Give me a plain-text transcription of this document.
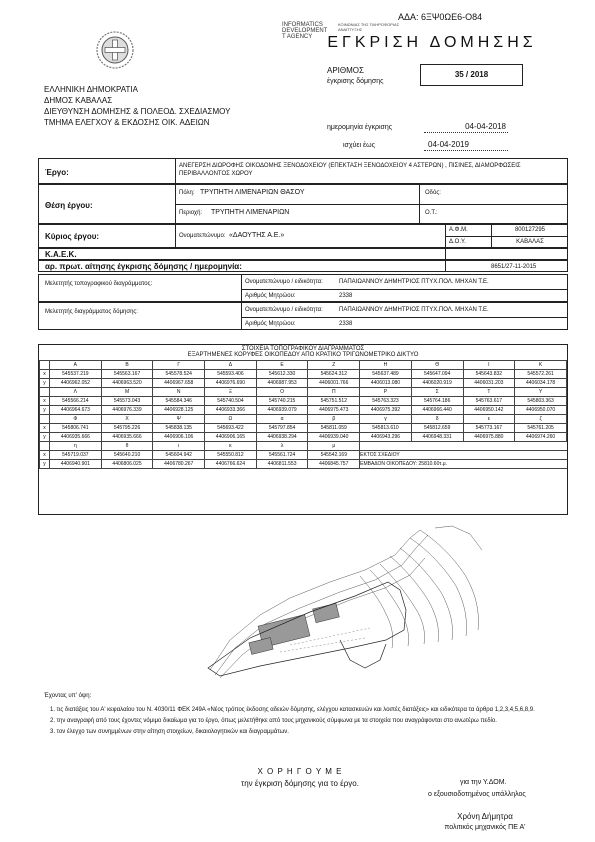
ΑΔΑ: 6ΞΨ0ΩΕ6-Ο84
INFORMATICS
DEVELOPMENT
T AGENCY
ΚΟΙΝΩΝΙΑΣ ΤΗΣ ΠΛΗΡΟΦΟΡΙΑΣ
ΑΝΑΠΤΥΞΗΣ
ΕΓΚΡΙΣΗ ΔΟΜΗΣΗΣ
ΕΛΛΗΝΙΚΗ ΔΗΜΟΚΡΑΤΙΑ
ΔΗΜΟΣ ΚΑΒΑΛΑΣ
ΔΙΕΥΘΥΝΣΗ ΔΟΜΗΣΗΣ & ΠΟΛΕΟΔ. ΣΧΕΔΙΑΣΜΟΥ
ΤΜΗΜΑ ΕΛΕΓΧΟΥ & ΕΚΔΟΣΗΣ ΟΙΚ. ΑΔΕΙΩΝ
ΑΡΙΘΜΟΣ
έγκρισης δόμησης
35 / 2018
ημερομηνία έγκρισης	04-04-2018
ισχύει έως	04-04-2019
Έργο:
ΑΝΕΓΕΡΣΗ ΔΙΩΡΟΦΗΣ ΟΙΚΟΔΟΜΗΣ ΞΕΝΟΔΟΧΕΙΟΥ (ΕΠΕΚΤΑΣΗ ΞΕΝΟΔΟΧΕΙΟΥ 4 ΑΣΤΕΡΩΝ) , ΠΙΣΙΝΕΣ, ΔΙΑΜΟΡΦΩΣΕΙΣ ΠΕΡΙΒΑΛΛΟΝΤΟΣ ΧΩΡΟΥ
Θέση έργου:
Πόλη: ΤΡΥΠΗΤΗ ΛΙΜΕΝΑΡΙΩΝ ΘΑΣΟΥ	Οδός:
Περιοχή: ΤΡΥΠΗΤΗ ΛΙΜΕΝΑΡΙΩΝ	Ο.Τ.:
Κύριος έργου:	Ονοματεπώνυμο: «ΔΑΟΥΤΗΣ Α.Ε.»
Α.Φ.Μ.	800127295
Δ.Ο.Υ.	ΚΑΒΑΛΑΣ
Κ.Α.Ε.Κ.
αρ. πρωτ. αίτησης έγκρισης δόμησης / ημερομηνία:	8651/27-11-2015
Μελετητής τοπογραφικού διαγράμματος:	Ονοματεπώνυμο / ειδικότητα:	ΠΑΠΑΙΩΑΝΝΟΥ ΔΗΜΗΤΡΙΟΣ ΠΤΥΧ.ΠΟΛ. ΜΗΧΑΝ Τ.Ε.
Αριθμός Μητρώου:	2338
Μελετητής διαγράμματος δόμησης:	Ονοματεπώνυμο / ειδικότητα:	ΠΑΠΑΙΩΑΝΝΟΥ ΔΗΜΗΤΡΙΟΣ ΠΤΥΧ.ΠΟΛ. ΜΗΧΑΝ Τ.Ε.
Αριθμός Μητρώου:	2338
ΣΤΟΙΧΕΙΑ ΤΟΠΟΓΡΑΦΙΚΟΥ ΔΙΑΓΡΑΜΜΑΤΟΣ
ΕΞΑΡΤΗΜΕΝΕΣ ΚΟΡΥΦΕΣ ΟΙΚΟΠΕΔΟΥ ΑΠΟ ΚΡΑΤΙΚΟ ΤΡΙΓΩΝΟΜΕΤΡΙΚΟ ΔΙΚΤΥΟ
	Α	Β	Γ	Δ	Ε	Ζ	Η	Θ	Ι	Κ
x	545537.219	545563.167	545578.524	545593.406	545612.330	545624.312	545637.489	545647.094	545643.832	545572.261
y	4406962.052	4406963.520	4406967.658	4406976.690	4406987.953	4406001.766	4406013.080	4406020.919	4406031.203	4406034.178
	Λ	Μ	Ν	Ξ	Ο	Π	Ρ	Σ	Τ	Υ
x	545566.214	545573.043	545584.346	545740.504	545740.215	545751.512	545763.323	545764.186	545763.617	545803.363
y	4406964.673	4406976.339	4406928.125	4406933.366	4406939.079	4406975.473	4406975.392	4406966.440	4406950.142	4406950.070
	Φ	Χ	Ψ	Ω	α	β	γ	δ	ε	ζ
x	545806.741	545795.226	545838.135	545693.422	545797.854	545811.059	545813.610	545812.659	545773.167	545761.205
y	4406935.666	4406935.666	4406906.106	4406906.165	4406938.294	4406939.040	4406943.296	4406948.331	4406975.880	4406974.260
	η	θ	ι	κ	λ	μ				
x	545719.037	545640.210	545604.942	545550.812	545561.724	545542.169	ΕΚΤΟΣ ΣΧΕΔΙΟΥ			
y	4406940.901	4406806.025	4406780.267	4406766.624	4406811.553	4406845.757	ΕΜΒΑΔΟΝ ΟΙΚΟΠΕΔΟΥ: 25810.60τ.μ.			
Έχοντας υπ' όψη:
1. τις διατάξεις του Α' κεφαλαίου του Ν. 4030/11 ΦΕΚ 249Α «Νέος τρόπος έκδοσης αδειών δόμησης, ελέγχου κατασκευών και λοιπές διατάξεις» και ειδικότερα τα άρθρα 1,2,3,4,5,6,8,9.
2. την αναγραφή από τους έχοντες νόμιμο δικαίωμα για το έργο, όπως μελετήθηκε από τους μηχανικούς σύμφωνα με τα στοιχεία που αναγράφονται στο ανωτέρω πεδίο.
3. τον έλεγχο των συνημμένων στην αίτηση στοιχείων, δικαιολογητικών και διαγραμμάτων.
Χ Ο Ρ Η Γ Ο Υ Μ Ε
την έγκριση δόμησης για το έργο.	για την Υ.ΔΟΜ.
ο εξουσιοδοτημένος υπάλληλος
Χρόνη Δήμητρα
πολιτικός μηχανικός ΠΕ Α'
